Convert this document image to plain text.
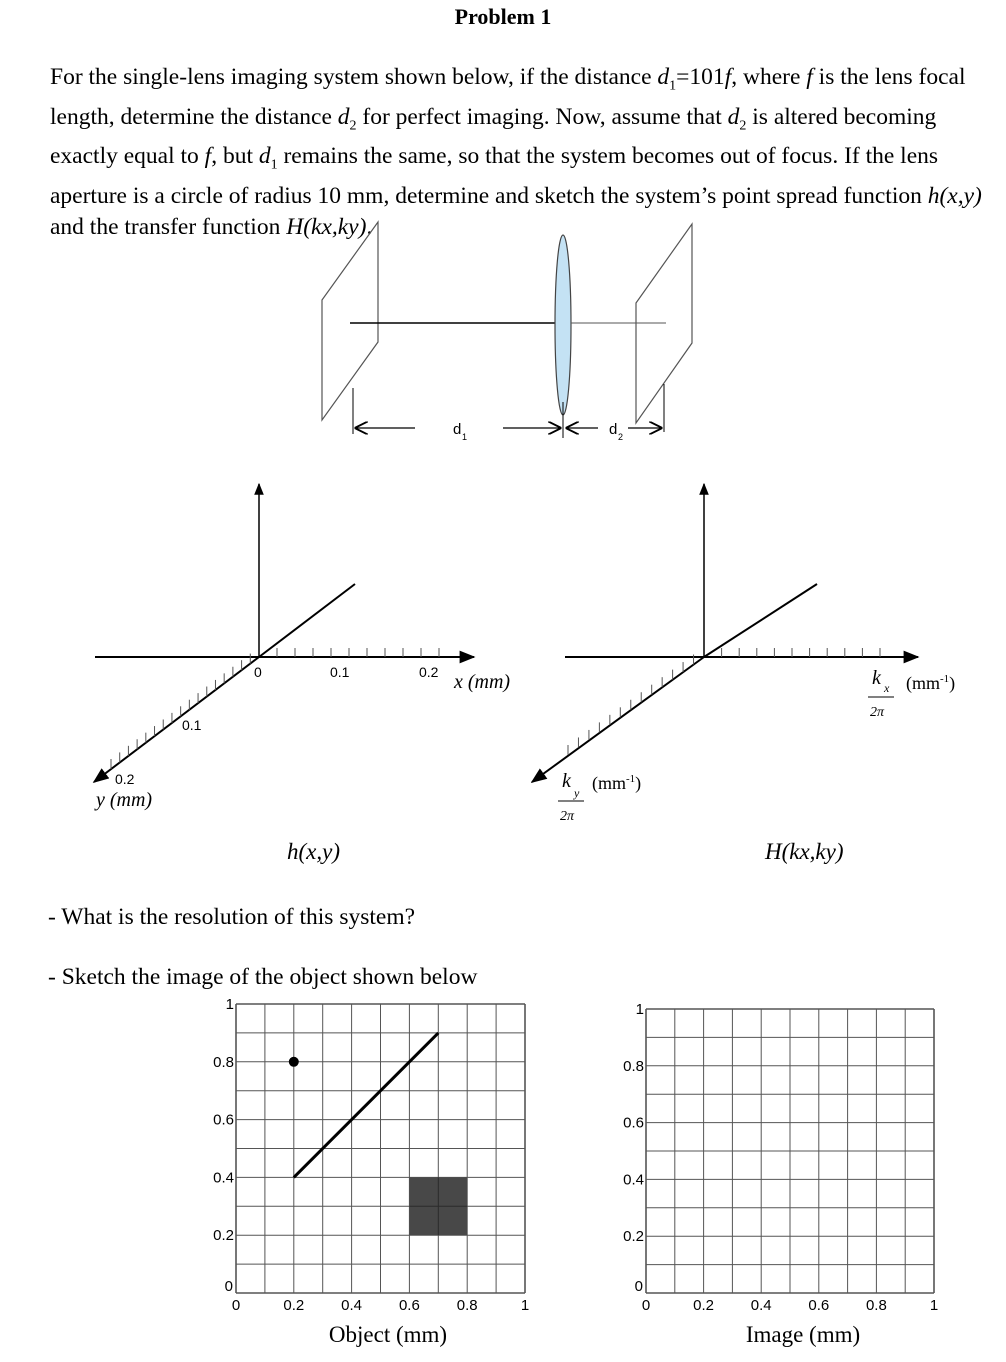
Problem 1
For the single-lens imaging system shown below, if the distance $d_1=101f$, where f is the lens focal length, determine the distance $d_2$ for perfect imaging. Now, assume that $d_2$ is altered becoming exactly equal to f, but $d_1$ remains the same, so that the system becomes out of focus. If the lens aperture is a circle of radius 10 mm, determine and sketch the system’s point spread function h(x,y) and the transfer function H(kx,ky).
d 1	d 2
0	0.1	0.2 x (mm)
0.1
0.2
y (mm)
h(x,y)
k x
2π
$(mm^{-1})$
k
y
2π
$(mm^{-1})$
H(kx,ky)
- What is the resolution of this system?
- Sketch the image of the object shown below
0	0.2 0.4 0.6 0.8	1
0.2
0.4
0.6
0.8
1
0
Object (mm)
0	0.2 0.4 0.6 0.8	1
0.2
0.4
0.6
0.8
1
0
Image (mm)
